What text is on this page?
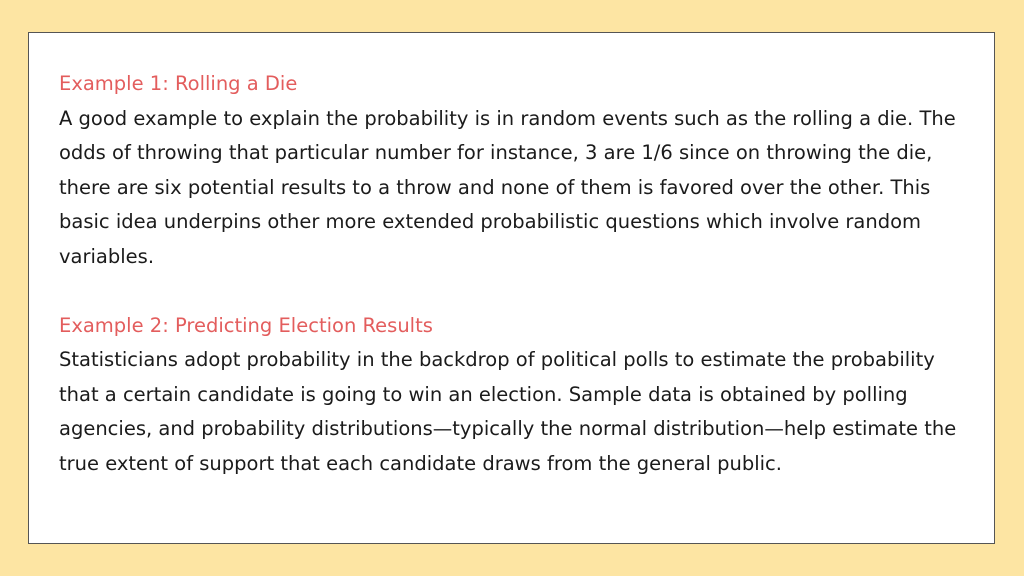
Example 1: Rolling a Die

A good example to explain the probability is in random events such as the rolling a die. The odds of throwing that particular number for instance, 3 are 1/6 since on throwing the die, there are six potential results to a throw and none of them is favored over the other. This basic idea underpins other more extended probabilistic questions which involve random variables.

Example 2: Predicting Election Results

Statisticians adopt probability in the backdrop of political polls to estimate the probability that a certain candidate is going to win an election. Sample data is obtained by polling agencies, and probability distributions—typically the normal distribution—help estimate the true extent of support that each candidate draws from the general public.
